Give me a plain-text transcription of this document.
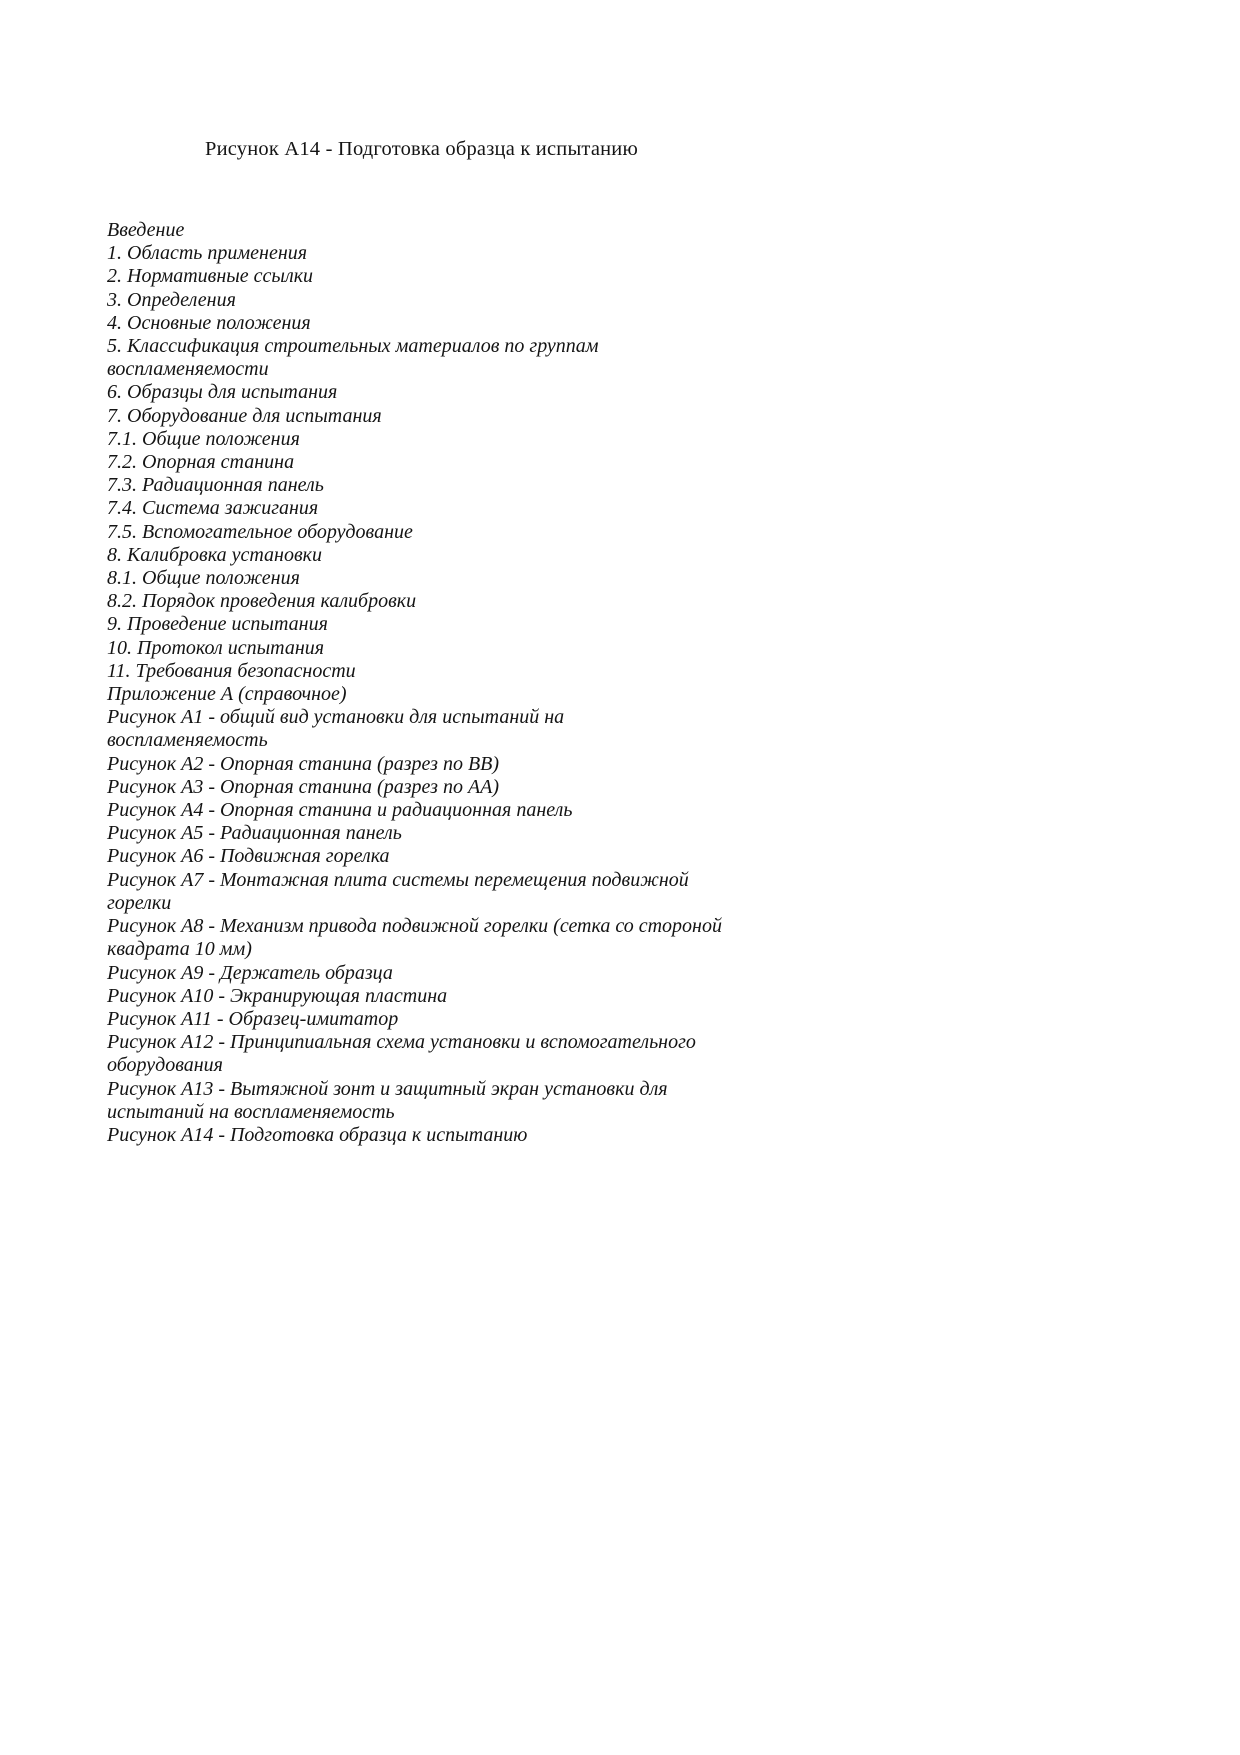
Рисунок А14 - Подготовка образца к испытанию
Введение
1. Область применения
2. Нормативные ссылки
3. Определения
4. Основные положения
5. Классификация строительных материалов по группам
воспламеняемости
6. Образцы для испытания
7. Оборудование для испытания
7.1. Общие положения
7.2. Опорная станина
7.3. Радиационная панель
7.4. Система зажигания
7.5. Вспомогательное оборудование
8. Калибровка установки
8.1. Общие положения
8.2. Порядок проведения калибровки
9. Проведение испытания
10. Протокол испытания
11. Требования безопасности
Приложение А (справочное)
Рисунок А1 - общий вид установки для испытаний на
воспламеняемость
Рисунок А2 - Опорная станина (разрез по ВВ)
Рисунок А3 - Опорная станина (разрез по АА)
Рисунок А4 - Опорная станина и радиационная панель
Рисунок А5 - Радиационная панель
Рисунок А6 - Подвижная горелка
Рисунок А7 - Монтажная плита системы перемещения подвижной
горелки
Рисунок А8 - Механизм привода подвижной горелки (сетка со стороной
квадрата 10 мм)
Рисунок А9 - Держатель образца
Рисунок А10 - Экранирующая пластина
Рисунок А11 - Образец-имитатор
Рисунок А12 - Принципиальная схема установки и вспомогательного
оборудования
Рисунок А13 - Вытяжной зонт и защитный экран установки для
испытаний на воспламеняемость
Рисунок А14 - Подготовка образца к испытанию
